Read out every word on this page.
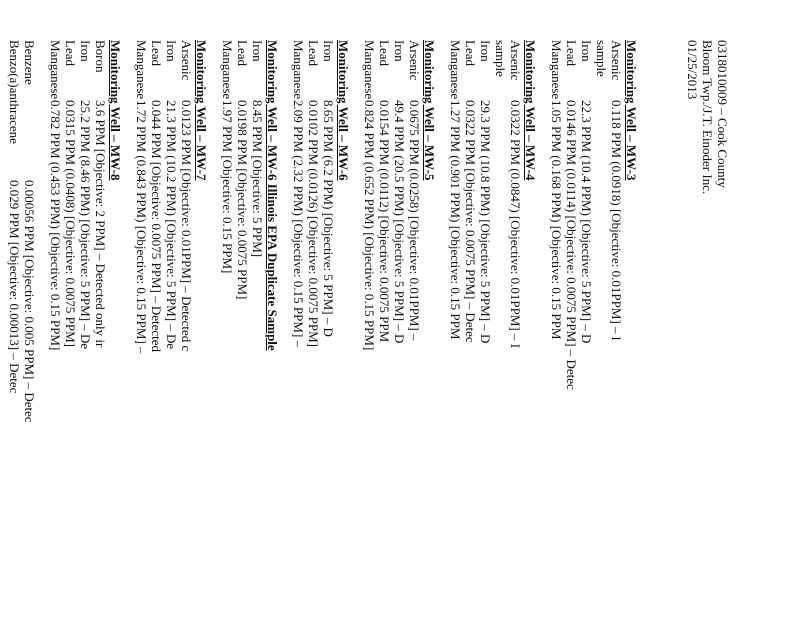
0318010009 – Cook County
Bloom Twp./J.T. Einoder Inc.
01/25/2013
Monitoring Well – MW-3
Arsenic
0.118 PPM (0.0918) [Objective: 0.01PPM] – l
sample
Iron
22.3 PPM (10.4 PPM) [Objective: 5 PPM] – D
Lead
0.0146 PPM (0.0114) [Objective: 0.0075 PPM] – Detec
Manganese
1.05 PPM (0.168 PPM) [Objective: 0.15 PPM
Monitoring Well – MW-4
Arsenic
0.0322 PPM (0.0847) [Objective: 0.01PPM] – I
sample
Iron
29.3 PPM (10.8 PPM) [Objective: 5 PPM] – D
Lead
0.0322 PPM [Objective: 0.0075 PPM] – Detec
Manganese
1.27 PPM (0.901 PPM) [Objective: 0.15 PPM
Monitoring Well – MW-5
Arsenic
0.0675 PPM (0.0258) [Objective: 0.01PPM] –
Iron
49.4 PPM (20.5 PPM) [Objective: 5 PPM] – D
Lead
0.0154 PPM (0.0112) [Objective: 0.0075 PPM
Manganese
0.824 PPM (0.652 PPM) [Objective: 0.15 PPM]
Monitoring Well – MW-6
Iron
8.65 PPM (6.2 PPM) [Objective: 5 PPM] – D
Lead
0.0102 PPM (0.0126) [Objective: 0.0075 PPM]
Manganese
2.09 PPM (2.32 PPM) [Objective: 0.15 PPM] –
Monitoring Well – MW-6 Illinois EPA Duplicate Sample
Iron
8.45 PPM [Objective: 5 PPM]
Lead
0.0198 PPM [Objective: 0.0075 PPM]
Manganese
1.97 PPM [Objective: 0.15 PPM]
Monitoring Well – MW-7
Arsenic
0.0123 PPM [Objective: 0.01PPM] – Detected c
Iron
21.3 PPM (10.2 PPM) [Objective: 5 PPM] – De
Lead
0.044 PPM [Objective: 0.0075 PPM] – Detected
Manganese
1.72 PPM (0.843 PPM) [Objective: 0.15 PPM] –
Monitoring Well – MW-8
Boron
3.6 PPM [Objective: 2 PPM] – Detected only ir
Iron
25.2 PPM (8.46 PPM) [Objective: 5 PPM] – De
Lead
0.0315 PPM (0.0408) [Objective: 0.0075 PPM]
Manganese
0.782 PPM (0.453 PPM) [Objective: 0.15 PPM]
Benzene
0.00056 PPM [Objective: 0.005 PPM] – Detec
Benzo(a)anthracene
0.029 PPM [Objective: 0.00013] – Detec
